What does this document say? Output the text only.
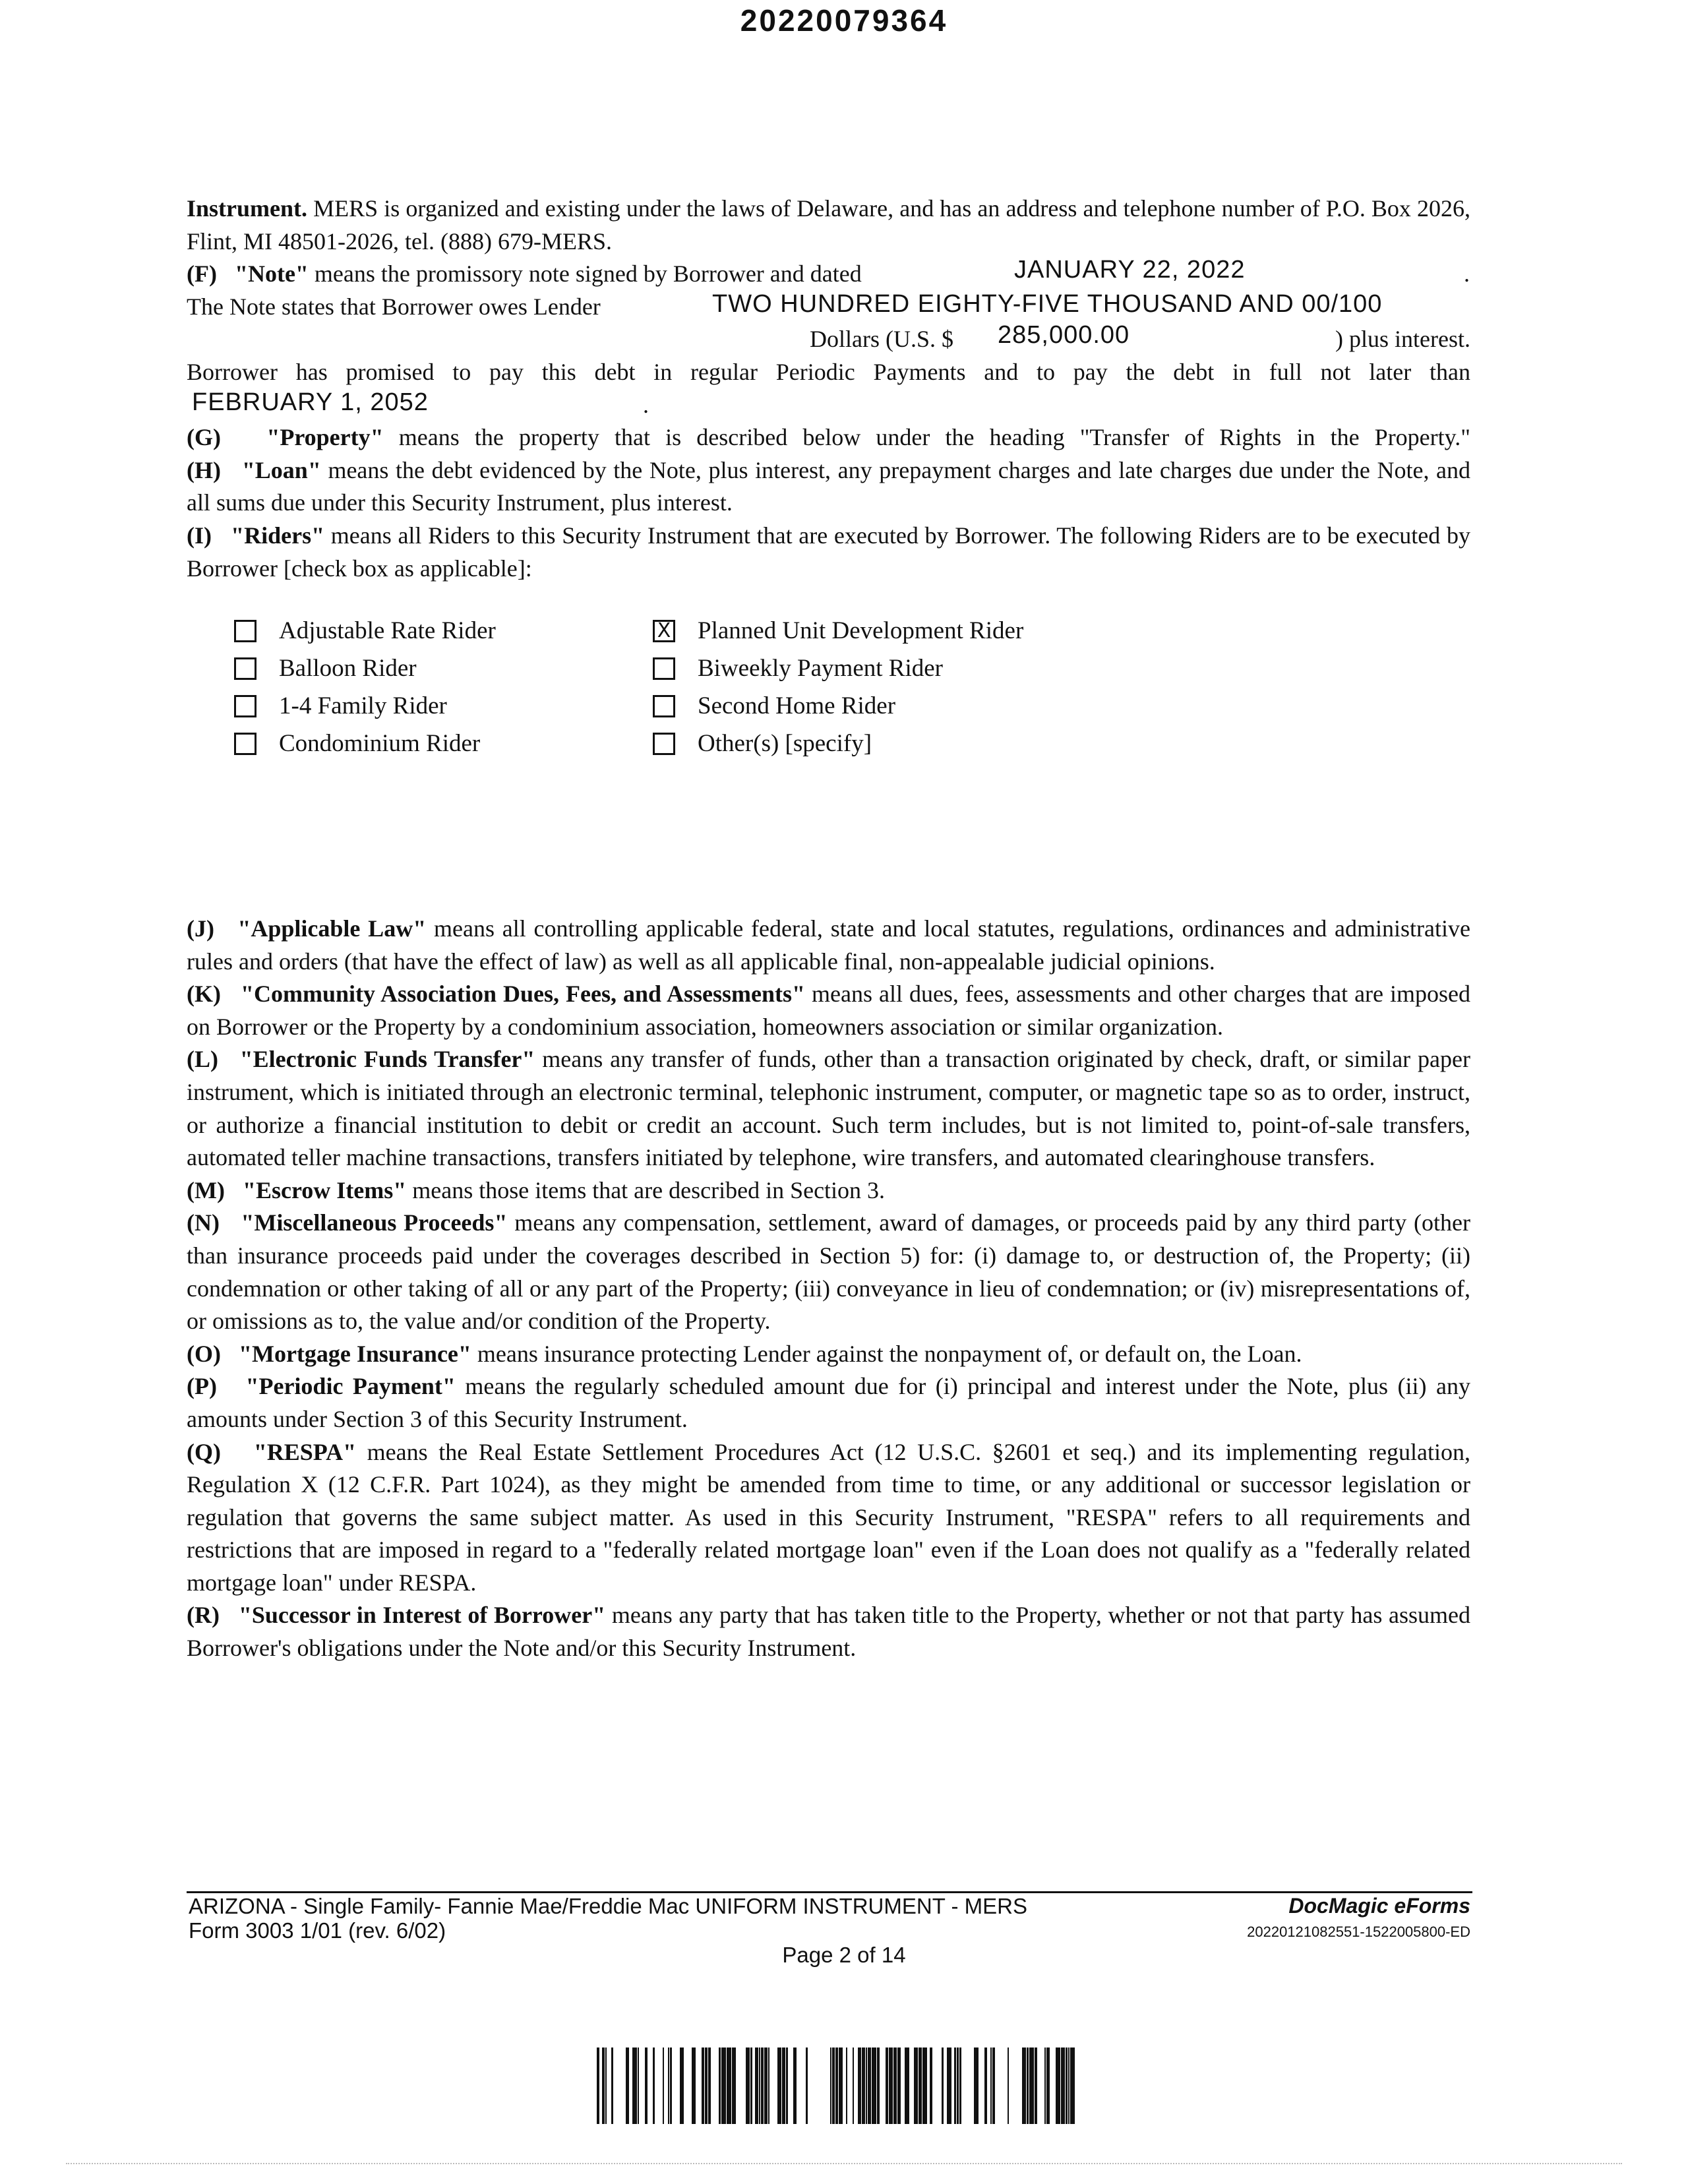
20220079364

Instrument. MERS is organized and existing under the laws of Delaware, and has an address and telephone number of P.O. Box 2026, Flint, MI 48501-2026, tel. (888) 679-MERS.

(F) "Note" means the promissory note signed by Borrower and dated	JANUARY 22, 2022	.
The Note states that Borrower owes Lender	TWO HUNDRED EIGHTY-FIVE THOUSAND AND 00/100
Dollars (U.S. $ 285,000.00	) plus interest.

Borrower has promised to pay this debt in regular Periodic Payments and to pay the debt in full not later than

FEBRUARY 1, 2052	.

(G) "Property" means the property that is described below under the heading "Transfer of Rights in the Property."

(H) "Loan" means the debt evidenced by the Note, plus interest, any prepayment charges and late charges due under the Note, and all sums due under this Security Instrument, plus interest.

(I) "Riders" means all Riders to this Security Instrument that are executed by Borrower. The following Riders are to be executed by Borrower [check box as applicable]:

Adjustable Rate Rider	X Planned Unit Development Rider
Balloon Rider	Biweekly Payment Rider
1-4 Family Rider	Second Home Rider
Condominium Rider	Other(s) [specify]

(J) "Applicable Law" means all controlling applicable federal, state and local statutes, regulations, ordinances and administrative rules and orders (that have the effect of law) as well as all applicable final, non-appealable judicial opinions.

(K) "Community Association Dues, Fees, and Assessments" means all dues, fees, assessments and other charges that are imposed on Borrower or the Property by a condominium association, homeowners association or similar organization.

(L) "Electronic Funds Transfer" means any transfer of funds, other than a transaction originated by check, draft, or similar paper instrument, which is initiated through an electronic terminal, telephonic instrument, computer, or magnetic tape so as to order, instruct, or authorize a financial institution to debit or credit an account. Such term includes, but is not limited to, point-of-sale transfers, automated teller machine transactions, transfers initiated by telephone, wire transfers, and automated clearinghouse transfers.

(M) "Escrow Items" means those items that are described in Section 3.

(N) "Miscellaneous Proceeds" means any compensation, settlement, award of damages, or proceeds paid by any third party (other than insurance proceeds paid under the coverages described in Section 5) for: (i) damage to, or destruction of, the Property; (ii) condemnation or other taking of all or any part of the Property; (iii) conveyance in lieu of condemnation; or (iv) misrepresentations of, or omissions as to, the value and/or condition of the Property.

(O) "Mortgage Insurance" means insurance protecting Lender against the nonpayment of, or default on, the Loan.

(P) "Periodic Payment" means the regularly scheduled amount due for (i) principal and interest under the Note, plus (ii) any amounts under Section 3 of this Security Instrument.

(Q) "RESPA" means the Real Estate Settlement Procedures Act (12 U.S.C. §2601 et seq.) and its implementing regulation, Regulation X (12 C.F.R. Part 1024), as they might be amended from time to time, or any additional or successor legislation or regulation that governs the same subject matter. As used in this Security Instrument, "RESPA" refers to all requirements and restrictions that are imposed in regard to a "federally related mortgage loan" even if the Loan does not qualify as a "federally related mortgage loan" under RESPA.

(R) "Successor in Interest of Borrower" means any party that has taken title to the Property, whether or not that party has assumed Borrower's obligations under the Note and/or this Security Instrument.

ARIZONA - Single Family- Fannie Mae/Freddie Mac UNIFORM INSTRUMENT - MERS
Form 3003 1/01 (rev. 6/02)
DocMagic eForms
20220121082551-1522005800-ED
Page 2 of 14
